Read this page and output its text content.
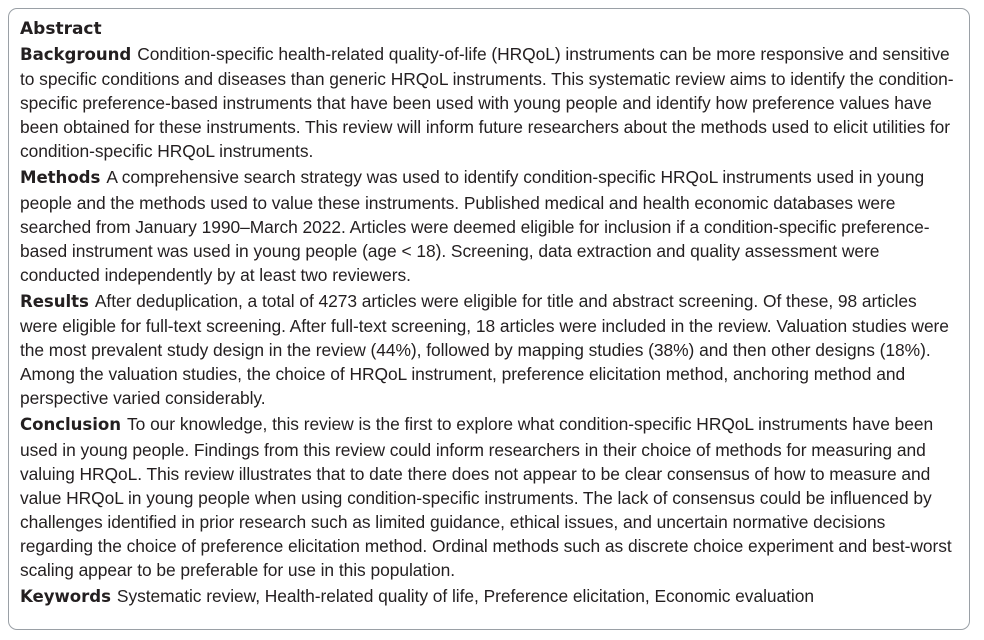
Abstract

Background Condition-specific health-related quality-of-life (HRQoL) instruments can be more responsive and sensitive to specific conditions and diseases than generic HRQoL instruments. This systematic review aims to identify the condition-specific preference-based instruments that have been used with young people and identify how preference values have been obtained for these instruments. This review will inform future researchers about the methods used to elicit utilities for condition-specific HRQoL instruments.

Methods A comprehensive search strategy was used to identify condition-specific HRQoL instruments used in young people and the methods used to value these instruments. Published medical and health economic databases were searched from January 1990–March 2022. Articles were deemed eligible for inclusion if a condition-specific preference-based instrument was used in young people (age < 18). Screening, data extraction and quality assessment were conducted independently by at least two reviewers.

Results After deduplication, a total of 4273 articles were eligible for title and abstract screening. Of these, 98 articles were eligible for full-text screening. After full-text screening, 18 articles were included in the review. Valuation studies were the most prevalent study design in the review (44%), followed by mapping studies (38%) and then other designs (18%). Among the valuation studies, the choice of HRQoL instrument, preference elicitation method, anchoring method and perspective varied considerably.

Conclusion To our knowledge, this review is the first to explore what condition-specific HRQoL instruments have been used in young people. Findings from this review could inform researchers in their choice of methods for measuring and valuing HRQoL. This review illustrates that to date there does not appear to be clear consensus of how to measure and value HRQoL in young people when using condition-specific instruments. The lack of consensus could be influenced by challenges identified in prior research such as limited guidance, ethical issues, and uncertain normative decisions regarding the choice of preference elicitation method. Ordinal methods such as discrete choice experiment and best-worst scaling appear to be preferable for use in this population.

Keywords Systematic review, Health-related quality of life, Preference elicitation, Economic evaluation
